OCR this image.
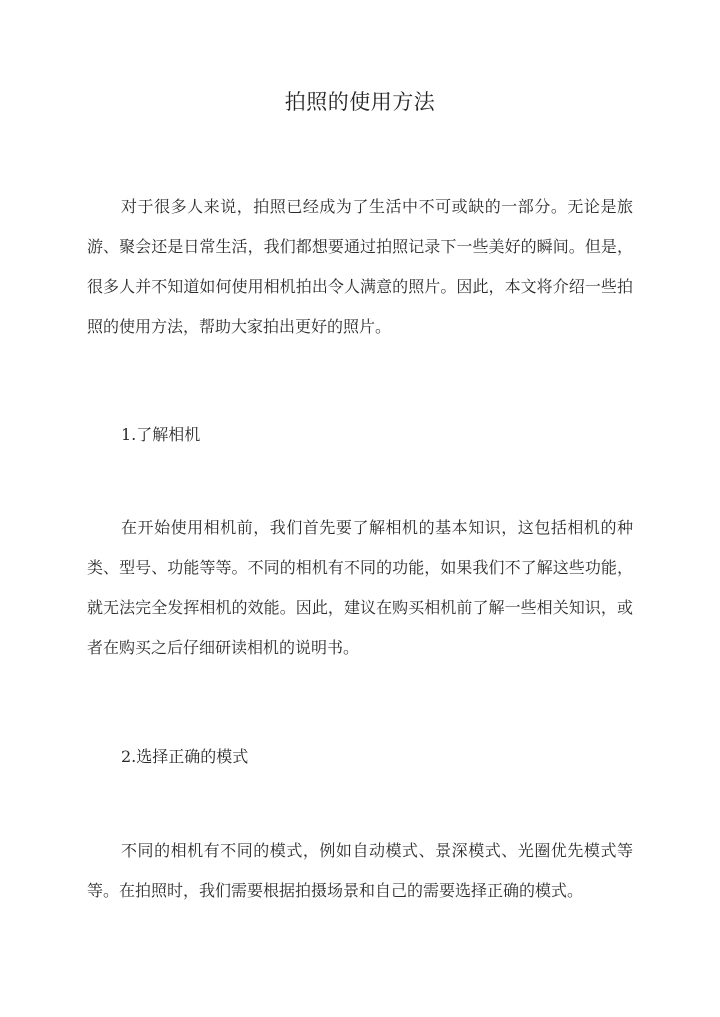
拍照的使用方法

对于很多人来说，拍照已经成为了生活中不可或缺的一部分。无论是旅游、聚会还是日常生活，我们都想要通过拍照记录下一些美好的瞬间。但是，很多人并不知道如何使用相机拍出令人满意的照片。因此，本文将介绍一些拍照的使用方法，帮助大家拍出更好的照片。

1.了解相机

在开始使用相机前，我们首先要了解相机的基本知识，这包括相机的种类、型号、功能等等。不同的相机有不同的功能，如果我们不了解这些功能，就无法完全发挥相机的效能。因此，建议在购买相机前了解一些相关知识，或者在购买之后仔细研读相机的说明书。

2.选择正确的模式

不同的相机有不同的模式，例如自动模式、景深模式、光圈优先模式等等。在拍照时，我们需要根据拍摄场景和自己的需要选择正确的模式。
